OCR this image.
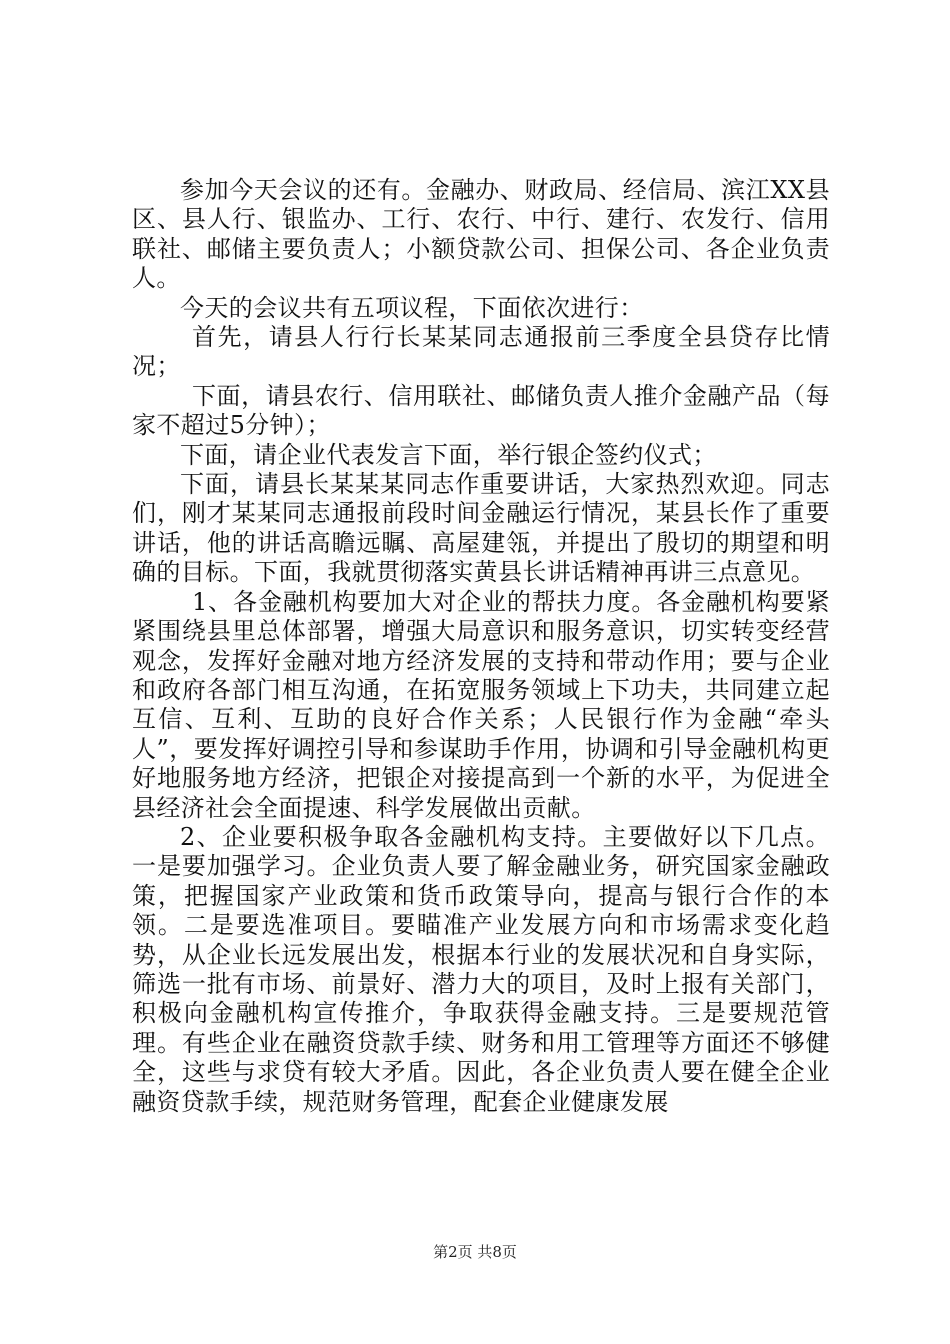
参加今天会议的还有。金融办、财政局、经信局、滨江XX县区、县人行、银监办、工行、农行、中行、建行、农发行、信用联社、邮储主要负责人；小额贷款公司、担保公司、各企业负责人。

今天的会议共有五项议程，下面依次进行：

首先，请县人行行长某某同志通报前三季度全县贷存比情况；

下面，请县农行、信用联社、邮储负责人推介金融产品（每家不超过5分钟）；

下面，请企业代表发言下面，举行银企签约仪式；

下面，请县长某某某同志作重要讲话，大家热烈欢迎。同志们，刚才某某同志通报前段时间金融运行情况，某县长作了重要讲话，他的讲话高瞻远瞩、高屋建瓴，并提出了殷切的期望和明确的目标。下面，我就贯彻落实黄县长讲话精神再讲三点意见。

1、各金融机构要加大对企业的帮扶力度。各金融机构要紧紧围绕县里总体部署，增强大局意识和服务意识，切实转变经营观念，发挥好金融对地方经济发展的支持和带动作用；要与企业和政府各部门相互沟通，在拓宽服务领域上下功夫，共同建立起互信、互利、互助的良好合作关系；人民银行作为金融“牵头人”，要发挥好调控引导和参谋助手作用，协调和引导金融机构更好地服务地方经济，把银企对接提高到一个新的水平，为促进全县经济社会全面提速、科学发展做出贡献。

2、企业要积极争取各金融机构支持。主要做好以下几点。一是要加强学习。企业负责人要了解金融业务，研究国家金融政策，把握国家产业政策和货币政策导向，提高与银行合作的本领。二是要选准项目。要瞄准产业发展方向和市场需求变化趋势，从企业长远发展出发，根据本行业的发展状况和自身实际，筛选一批有市场、前景好、潜力大的项目，及时上报有关部门，积极向金融机构宣传推介，争取获得金融支持。三是要规范管理。有些企业在融资贷款手续、财务和用工管理等方面还不够健全，这些与求贷有较大矛盾。因此，各企业负责人要在健全企业融资贷款手续，规范财务管理，配套企业健康发展

第2页 共8页
